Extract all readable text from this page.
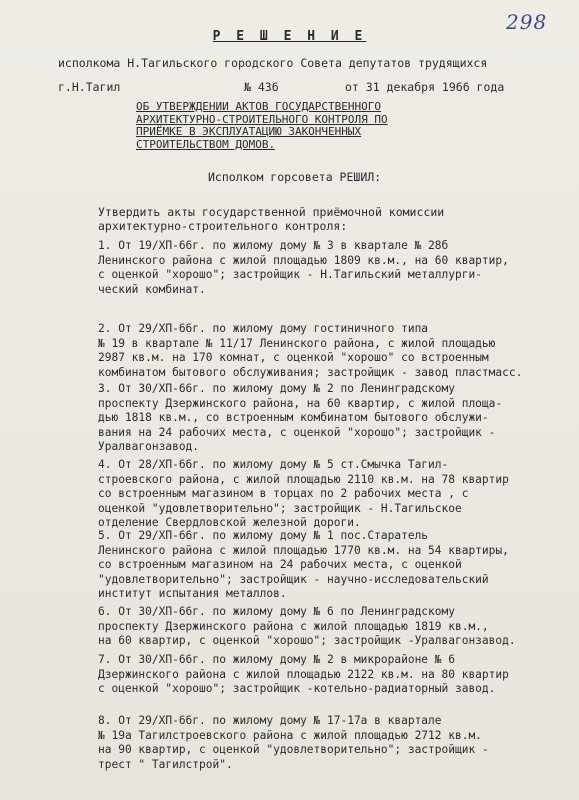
298
Р Е Ш Е Н И Е
исполкома Н.Тагильского городского Совета депутатов трудящихся
г.Н.Тагил	№ 436	от 31 декабря 1966 года
ОБ УТВЕРЖДЕНИИ АКТОВ ГОСУДАРСТВЕННОГО
АРХИТЕКТУРНО-СТРОИТЕЛЬНОГО КОНТРОЛЯ ПО
ПРИЁМКЕ В ЭКСПЛУАТАЦИЮ ЗАКОНЧЕННЫХ
СТРОИТЕЛЬСТВОМ ДОМОВ.
Исполком горсовета РЕШИЛ:
Утвердить акты государственной приёмочной комиссии
архитектурно-строительного контроля:
1. От 19/ХП-66г. по жилому дому № 3 в квартале № 28б
Ленинского района с жилой площадью 1809 кв.м., на 60 квартир,
с оценкой "хорошо"; застройщик - Н.Тагильский металлурги-
ческий комбинат.
2. От 29/ХП-66г. по жилому дому гостиничного типа
№ 19 в квартале № 11/17 Ленинского района, с жилой площадью
2987 кв.м. на 170 комнат, с оценкой "хорошо" со встроенным
комбинатом бытового обслуживания; застройщик - завод пластмасс.
3. От 30/ХП-66г. по жилому дому № 2 по Ленинградскому
проспекту Дзержинского района, на 60 квартир, с жилой площа-
дью 1818 кв.м., со встроенным комбинатом бытового обслужи-
вания на 24 рабочих места, с оценкой "хорошо"; застройщик -
Уралвагонзавод.
4. От 28/ХП-66г. по жилому дому № 5 ст.Смычка Тагил-
строевского района, с жилой площадью 2110 кв.м. на 78 квартир
со встроенным магазином в торцах по 2 рабочих места , с
оценкой "удовлетворительно"; застройщик - Н.Тагильское
отделение Свердловской железной дороги.
5. От 29/ХП-66г. по жилому дому № 1 пос.Старатель
Ленинского района с жилой площадью 1770 кв.м. на 54 квартиры,
со встроенным магазином на 24 рабочих места, с оценкой
"удовлетворительно"; застройщик - научно-исследовательский
институт испытания металлов.
6. От 30/ХП-66г. по жилому дому № 6 по Ленинградскому
проспекту Дзержинского района с жилой площадью 1819 кв.м.,
на 60 квартир, с оценкой "хорошо"; застройщик -Уралвагонзавод.
7. От 30/ХП-66г. по жилому дому № 2 в микрорайоне № 6
Дзержинского района с жилой площадью 2122 кв.м. на 80 квартир
с оценкой "хорошо"; застройщик -котельно-радиаторный завод.
8. От 29/ХП-66г. по жилому дому № 17-17а в квартале
№ 19а Тагилстроевского района с жилой площадью 2712 кв.м.
на 90 квартир, с оценкой "удовлетворительно"; застройщик -
трест " Тагилстрой".
